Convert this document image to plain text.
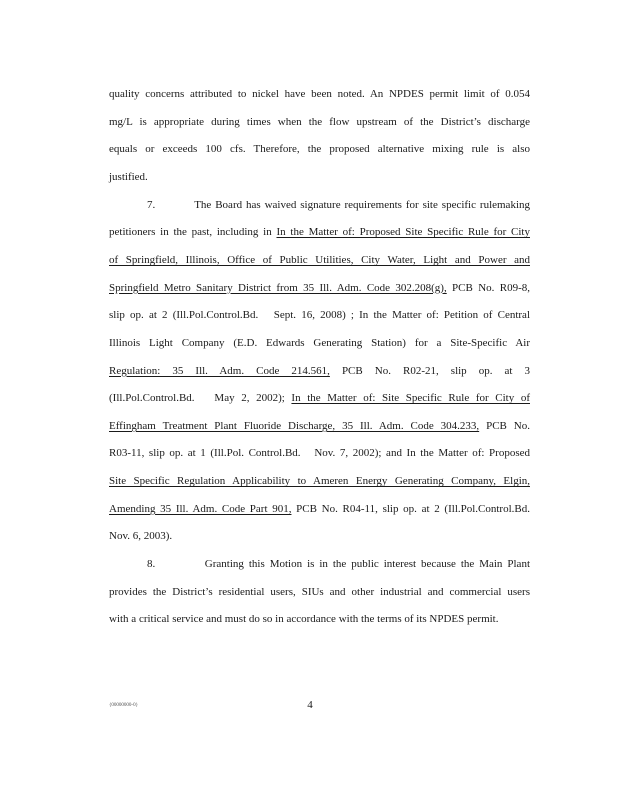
quality concerns attributed to nickel have been noted. An NPDES permit limit of 0.054
mg/L is appropriate during times when the flow upstream of the District’s discharge
equals or exceeds 100 cfs. Therefore, the proposed alternative mixing rule is also
justified.
7.          The Board has waived signature requirements for site specific rulemaking
petitioners in the past, including in In the Matter of: Proposed Site Specific Rule for City
of Springfield, Illinois, Office of Public Utilities, City Water, Light and Power and
Springfield Metro Sanitary District from 35 Ill. Adm. Code 302.208(g), PCB No. R09-8,
slip op. at 2 (Ill.Pol.Control.Bd.   Sept. 16, 2008) ; In the Matter of: Petition of Central
Illinois Light Company (E.D. Edwards Generating Station) for a Site-Specific Air
Regulation: 35 Ill. Adm. Code 214.561, PCB No. R02-21, slip op. at 3
(Ill.Pol.Control.Bd.   May 2, 2002); In the Matter of: Site Specific Rule for City of
Effingham Treatment Plant Fluoride Discharge, 35 Ill. Adm. Code 304.233, PCB No.
R03-11, slip op. at 1 (Ill.Pol. Control.Bd.   Nov. 7, 2002); and In the Matter of: Proposed
Site Specific Regulation Applicability to Ameren Energy Generating Company, Elgin,
Amending 35 Ill. Adm. Code Part 901, PCB No. R04-11, slip op. at 2 (Ill.Pol.Control.Bd.
Nov. 6, 2003).
8.          Granting this Motion is in the public interest because the Main Plant
provides the District’s residential users, SIUs and other industrial and commercial users
with a critical service and must do so in accordance with the terms of its NPDES permit.
{00000000-0}	4
